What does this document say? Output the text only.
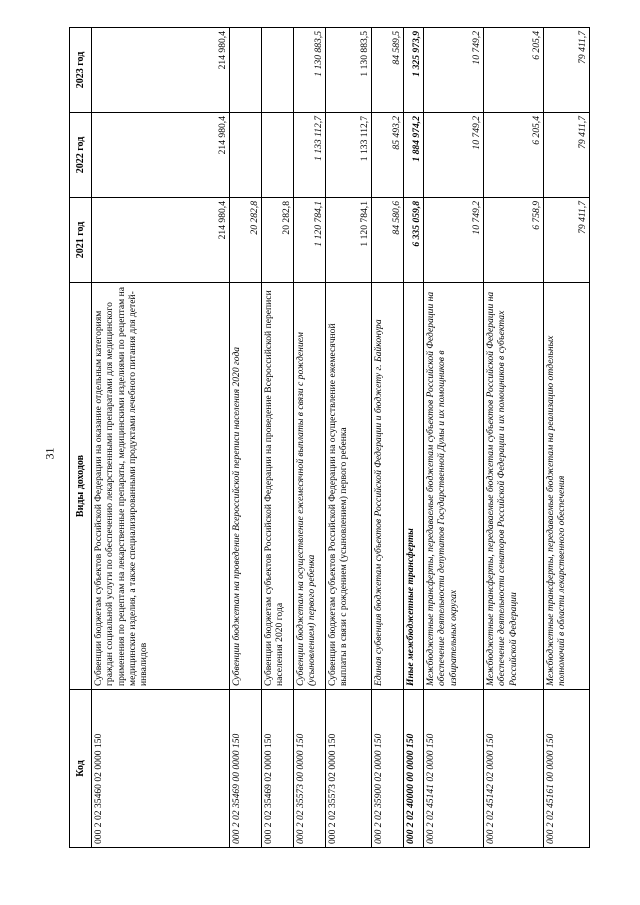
31
Код	Виды доходов	2021 год	2022 год	2023 год
000 2 02 35460 02 0000 150	Субвенции бюджетам субъектов Российской Федерации на оказание отдельным категориям граждан социальной услуги по обеспечению лекарственными препаратами для медицинского применения по рецептам на лекарственные препараты, медицинскими изделиями по рецептам на медицинские изделия, а также специализированными продуктами лечебного питания для детей-инвалидов	214 980,4	214 980,4	214 980,4
000 2 02 35469 00 0000 150	Субвенции бюджетам на проведение Всероссийской переписи населения 2020 года	20 282,8		
000 2 02 35469 02 0000 150	Субвенции бюджетам субъектов Российской Федерации на проведение Всероссийской переписи населения 2020 года	20 282,8		
000 2 02 35573 00 0000 150	Субвенции бюджетам на осуществление ежемесячной выплаты в связи с рождением (усыновлением) первого ребенка	1 120 784,1	1 133 112,7	1 130 883,5
000 2 02 35573 02 0000 150	Субвенции бюджетам субъектов Российской Федерации на осуществление ежемесячной выплаты в связи с рождением (усыновлением) первого ребенка	1 120 784,1	1 133 112,7	1 130 883,5
000 2 02 35900 02 0000 150	Единая субвенция бюджетам субъектов Российской Федерации и бюджету г. Байконура	84 580,6	85 493,2	84 589,5
000 2 02 40000 00 0000 150	Иные межбюджетные трансферты	6 335 059,8	1 884 974,2	1 325 973,9
000 2 02 45141 02 0000 150	Межбюджетные трансферты, передаваемые бюджетам субъектов Российской Федерации на обеспечение деятельности депутатов Государственной Думы и их помощников в избирательных округах	10 749,2	10 749,2	10 749,2
000 2 02 45142 02 0000 150	Межбюджетные трансферты, передаваемые бюджетам субъектов Российской Федерации на обеспечение деятельности сенаторов Российской Федерации и их помощников в субъектах Российской Федерации	6 758,9	6 205,4	6 205,4
000 2 02 45161 00 0000 150	Межбюджетные трансферты, передаваемые бюджетам на реализацию отдельных полномочий в области лекарственного обеспечения	79 411,7	79 411,7	79 411,7
